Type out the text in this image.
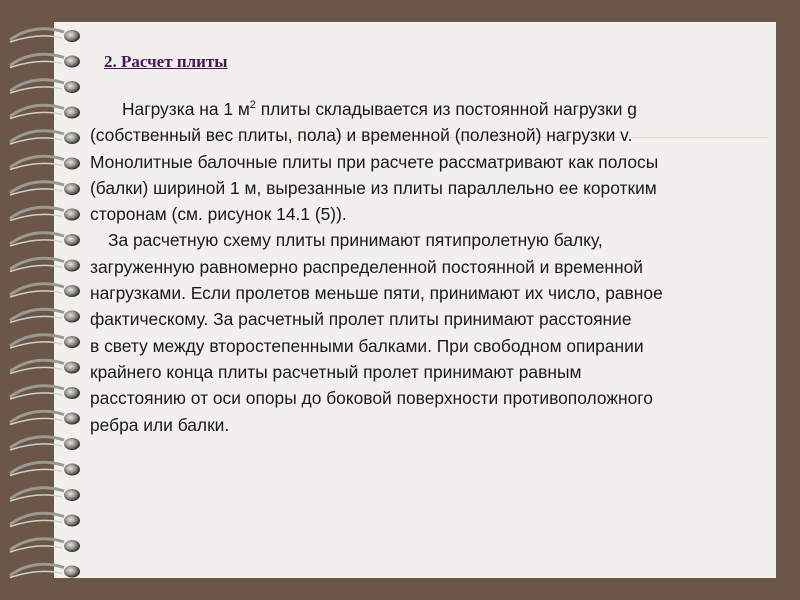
2. Расчет плиты
Нагрузка на 1 $м^2$ плиты складывается из постоянной нагрузки g
(собственный вес плиты, пола) и временной (полезной) нагрузки v.
Монолитные балочные плиты при расчете рассматривают как полосы
(балки) шириной 1 м, вырезанные из плиты параллельно ее коротким
сторонам (см. рисунок 14.1 (5)).
За расчетную схему плиты принимают пятипролетную балку,
загруженную равномерно распределенной постоянной и временной
нагрузками. Если пролетов меньше пяти, принимают их число, равное
фактическому. За расчетный пролет плиты принимают расстояние
в свету между второстепенными балками. При свободном опирании
крайнего конца плиты расчетный пролет принимают равным
расстоянию от оси опоры до боковой поверхности противоположного
ребра или балки.
